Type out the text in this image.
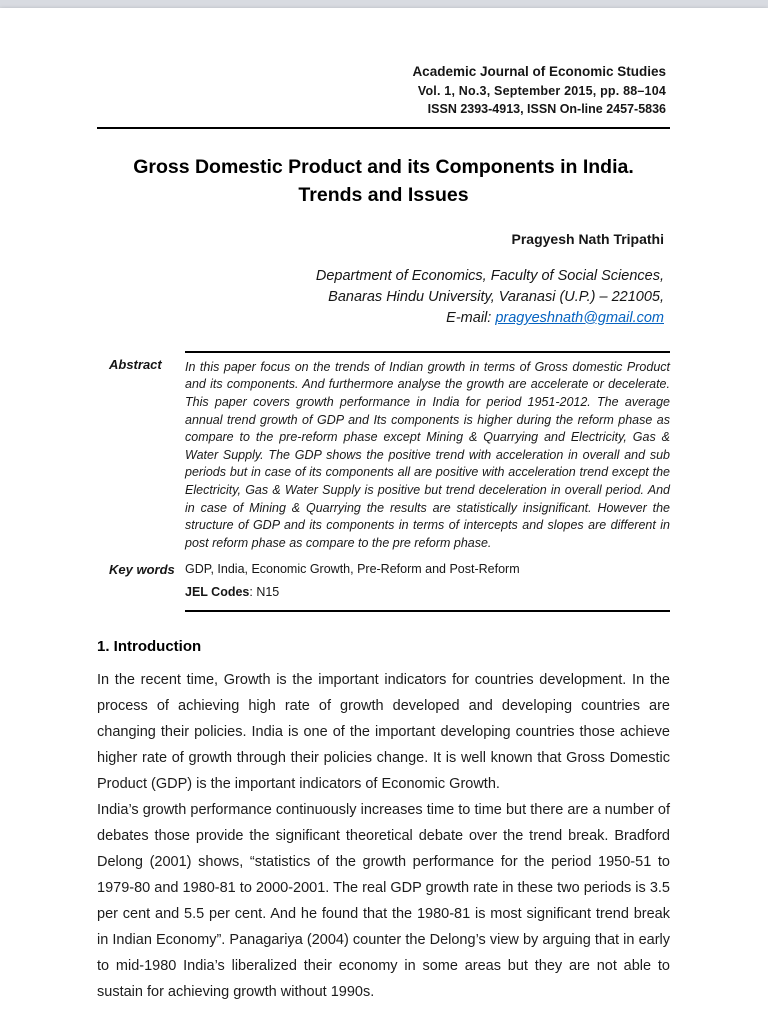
Academic Journal of Economic Studies
Vol. 1, No.3, September 2015, pp. 88–104
ISSN 2393-4913, ISSN On-line 2457-5836
Gross Domestic Product and its Components in India.
Trends and Issues
Pragyesh Nath Tripathi
Department of Economics, Faculty of Social Sciences,
Banaras Hindu University, Varanasi (U.P.) – 221005,
E-mail: pragyeshnath@gmail.com
Abstract	In this paper focus on the trends of Indian growth in terms of Gross domestic Product and its components. And furthermore analyse the growth are accelerate or decelerate. This paper covers growth performance in India for period 1951-2012. The average annual trend growth of GDP and Its components is higher during the reform phase as compare to the pre-reform phase except Mining & Quarrying and Electricity, Gas & Water Supply. The GDP shows the positive trend with acceleration in overall and sub periods but in case of its components all are positive with acceleration trend except the Electricity, Gas & Water Supply is positive but trend deceleration in overall period. And in case of Mining & Quarrying the results are statistically insignificant. However the structure of GDP and its components in terms of intercepts and slopes are different in post reform phase as compare to the pre reform phase.
Key words GDP, India, Economic Growth, Pre-Reform and Post-Reform
JEL Codes: N15
1. Introduction

In the recent time, Growth is the important indicators for countries development. In the process of achieving high rate of growth developed and developing countries are changing their policies. India is one of the important developing countries those achieve higher rate of growth through their policies change. It is well known that Gross Domestic Product (GDP) is the important indicators of Economic Growth.

India’s growth performance continuously increases time to time but there are a number of debates those provide the significant theoretical debate over the trend break. Bradford Delong (2001) shows, “statistics of the growth performance for the period 1950-51 to 1979-80 and 1980-81 to 2000-2001. The real GDP growth rate in these two periods is 3.5 per cent and 5.5 per cent. And he found that the 1980-81 is most significant trend break in Indian Economy”. Panagariya (2004) counter the Delong’s view by arguing that in early to mid-1980 India’s liberalized their economy in some areas but they are not able to sustain for achieving growth without 1990s.
